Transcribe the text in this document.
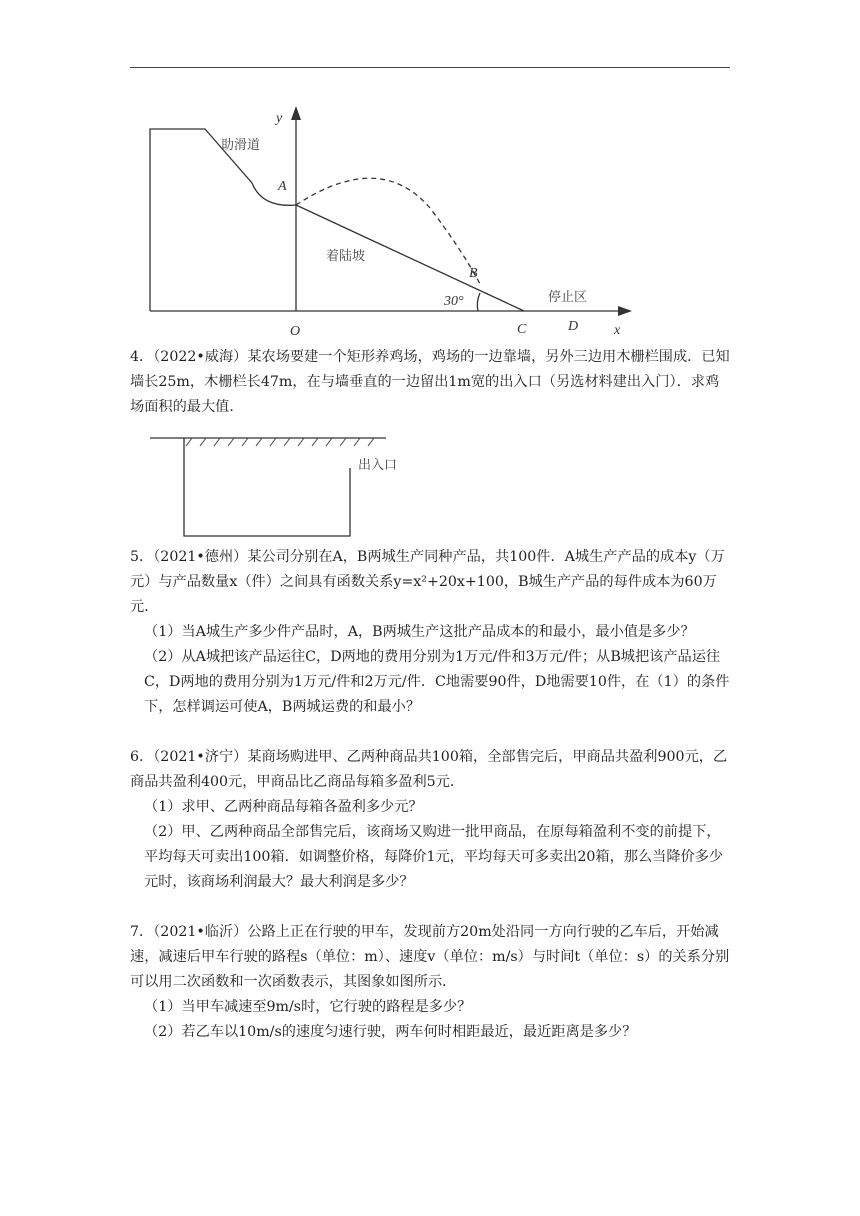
y
x
O
A
B
C	D
30°
助滑道
着陆坡
停止区

4．（2022•威海）某农场要建一个矩形养鸡场，鸡场的一边靠墙，另外三边用木栅栏围成．已知墙长25m，木栅栏长47m，在与墙垂直的一边留出1m宽的出入口（另选材料建出入门）．求鸡场面积的最大值．

出入口

5．（2021•德州）某公司分别在A，B两城生产同种产品，共100件．A城生产产品的成本y（万元）与产品数量x（件）之间具有函数关系y=x²+20x+100，B城生产产品的每件成本为60万元．

（1）当A城生产多少件产品时，A，B两城生产这批产品成本的和最小，最小值是多少？

（2）从A城把该产品运往C，D两地的费用分别为1万元/件和3万元/件；从B城把该产品运往C，D两地的费用分别为1万元/件和2万元/件．C地需要90件，D地需要10件，在（1）的条件下，怎样调运可使A，B两城运费的和最小？

6．（2021•济宁）某商场购进甲、乙两种商品共100箱，全部售完后，甲商品共盈利900元，乙商品共盈利400元，甲商品比乙商品每箱多盈利5元．

（1）求甲、乙两种商品每箱各盈利多少元？

（2）甲、乙两种商品全部售完后，该商场又购进一批甲商品，在原每箱盈利不变的前提下，平均每天可卖出100箱．如调整价格，每降价1元，平均每天可多卖出20箱，那么当降价多少元时，该商场利润最大？最大利润是多少？

7．（2021•临沂）公路上正在行驶的甲车，发现前方20m处沿同一方向行驶的乙车后，开始减速，减速后甲车行驶的路程s（单位：m）、速度v（单位：m/s）与时间t（单位：s）的关系分别可以用二次函数和一次函数表示，其图象如图所示．

（1）当甲车减速至9m/s时，它行驶的路程是多少？

（2）若乙车以10m/s的速度匀速行驶，两车何时相距最近，最近距离是多少？
